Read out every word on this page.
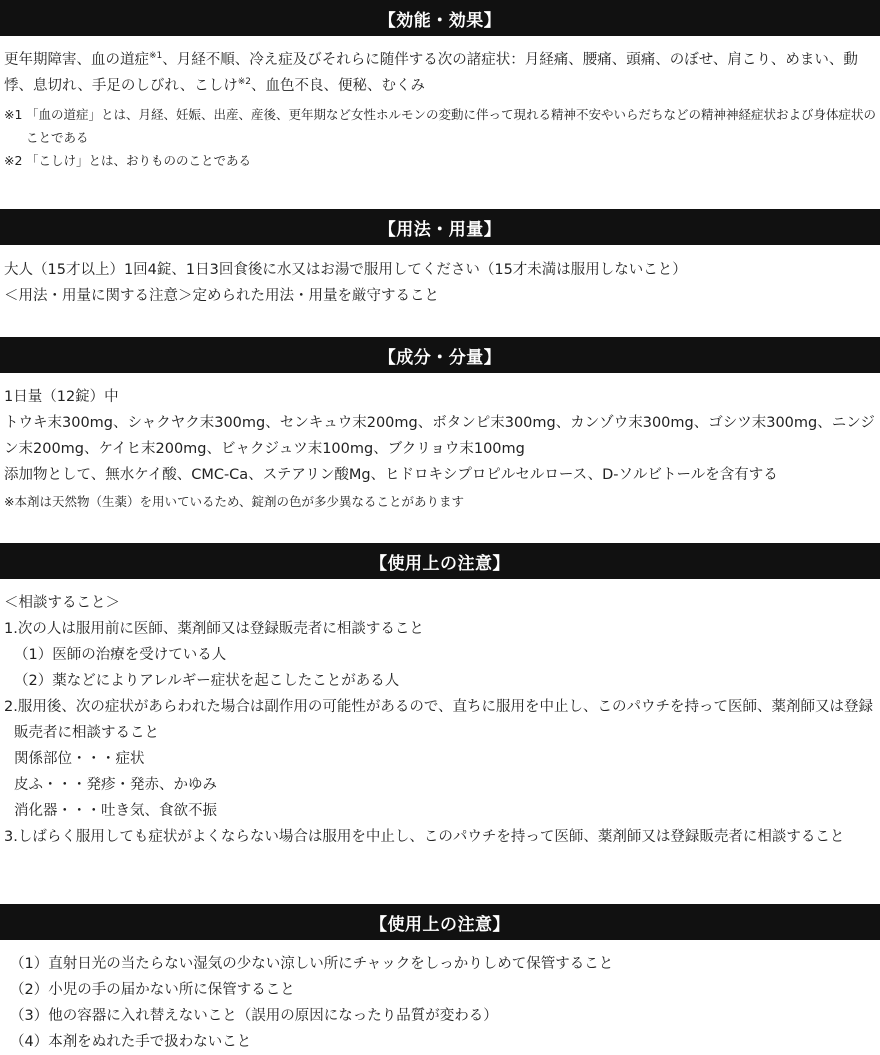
【効能・効果】

更年期障害、血の道症$^{※1}$、月経不順、冷え症及びそれらに随伴する次の諸症状：月経痛、腰痛、頭痛、のぼせ、肩こり、めまい、動悸、息切れ、手足のしびれ、こしけ$^{※2}$、血色不良、便秘、むくみ

※1 「血の道症」とは、月経、妊娠、出産、産後、更年期など女性ホルモンの変動に伴って現れる精神不安やいらだちなどの精神神経症状および身体症状のことである
※2 「こしけ」とは、おりもののことである
【用法・用量】

大人（15才以上）1回4錠、1日3回食後に水又はお湯で服用してください（15才未満は服用しないこと）

＜用法・用量に関する注意＞定められた用法・用量を厳守すること

【成分・分量】

1日量（12錠）中

トウキ末300mg、シャクヤク末300mg、センキュウ末200mg、ボタンピ末300mg、カンゾウ末300mg、ゴシツ末300mg、ニンジン末200mg、ケイヒ末200mg、ビャクジュツ末100mg、ブクリョウ末100mg

添加物として、無水ケイ酸、CMC-Ca、ステアリン酸Mg、ヒドロキシプロピルセルロース、D-ソルビトールを含有する

※本剤は天然物（生薬）を用いているため、錠剤の色が多少異なることがあります

【使用上の注意】

＜相談すること＞

1.次の人は服用前に医師、薬剤師又は登録販売者に相談すること

（1）医師の治療を受けている人

（2）薬などによりアレルギー症状を起こしたことがある人

2.服用後、次の症状があらわれた場合は副作用の可能性があるので、直ちに服用を中止し、このパウチを持って医師、薬剤師又は登録販売者に相談すること

関係部位・・・症状

皮ふ・・・発疹・発赤、かゆみ

消化器・・・吐き気、食欲不振

3.しばらく服用しても症状がよくならない場合は服用を中止し、このパウチを持って医師、薬剤師又は登録販売者に相談すること

【使用上の注意】

（1）直射日光の当たらない湿気の少ない涼しい所にチャックをしっかりしめて保管すること

（2）小児の手の届かない所に保管すること

（3）他の容器に入れ替えないこと（誤用の原因になったり品質が変わる）

（4）本剤をぬれた手で扱わないこと
